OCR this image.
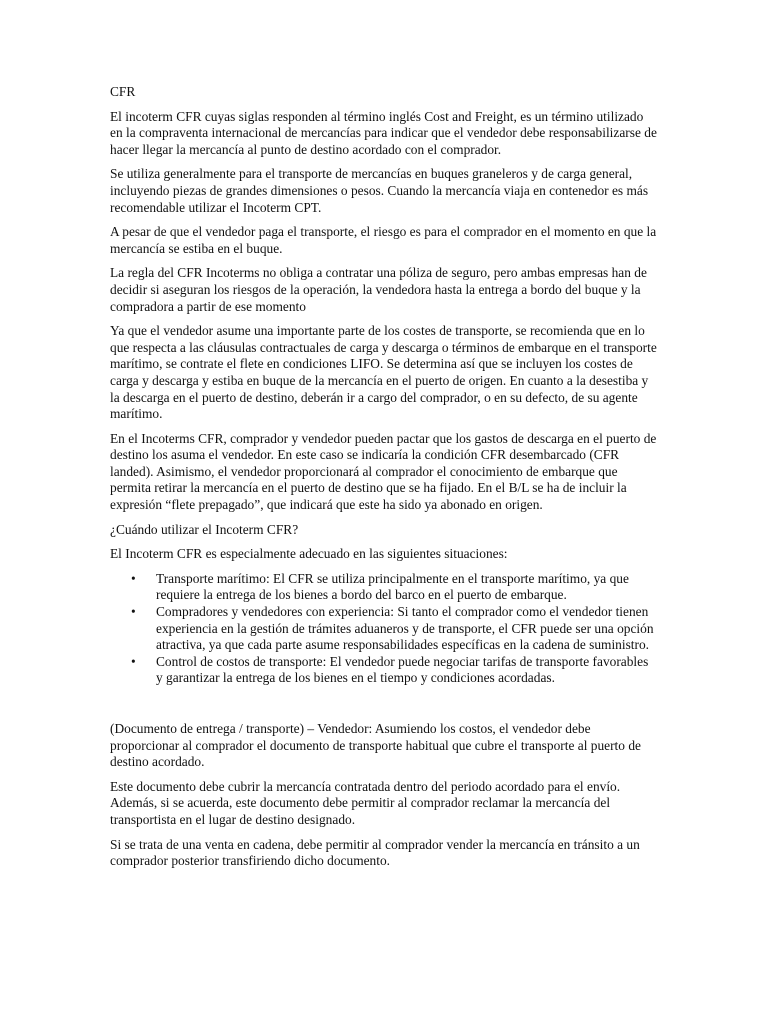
CFR

El incoterm CFR cuyas siglas responden al término inglés Cost and Freight, es un término utilizado en la compraventa internacional de mercancías para indicar que el vendedor debe responsabilizarse de hacer llegar la mercancía al punto de destino acordado con el comprador.

Se utiliza generalmente para el transporte de mercancías en buques graneleros y de carga general, incluyendo piezas de grandes dimensiones o pesos. Cuando la mercancía viaja en contenedor es más recomendable utilizar el Incoterm CPT.

A pesar de que el vendedor paga el transporte, el riesgo es para el comprador en el momento en que la mercancía se estiba en el buque.

La regla del CFR Incoterms no obliga a contratar una póliza de seguro, pero ambas empresas han de decidir si aseguran los riesgos de la operación, la vendedora hasta la entrega a bordo del buque y la compradora a partir de ese momento

Ya que el vendedor asume una importante parte de los costes de transporte, se recomienda que en lo que respecta a las cláusulas contractuales de carga y descarga o términos de embarque en el transporte marítimo, se contrate el flete en condiciones LIFO. Se determina así que se incluyen los costes de carga y descarga y estiba en buque de la mercancía en el puerto de origen. En cuanto a la desestiba y la descarga en el puerto de destino, deberán ir a cargo del comprador, o en su defecto, de su agente marítimo.

En el Incoterms CFR, comprador y vendedor pueden pactar que los gastos de descarga en el puerto de destino los asuma el vendedor. En este caso se indicaría la condición CFR desembarcado (CFR landed). Asimismo, el vendedor proporcionará al comprador el conocimiento de embarque que permita retirar la mercancía en el puerto de destino que se ha fijado. En el B/L se ha de incluir la expresión “flete prepagado”, que indicará que este ha sido ya abonado en origen.

¿Cuándo utilizar el Incoterm CFR?

El Incoterm CFR es especialmente adecuado en las siguientes situaciones:

• Transporte marítimo: El CFR se utiliza principalmente en el transporte marítimo, ya que requiere la entrega de los bienes a bordo del barco en el puerto de embarque.
• Compradores y vendedores con experiencia: Si tanto el comprador como el vendedor tienen experiencia en la gestión de trámites aduaneros y de transporte, el CFR puede ser una opción atractiva, ya que cada parte asume responsabilidades específicas en la cadena de suministro.
• Control de costos de transporte: El vendedor puede negociar tarifas de transporte favorables y garantizar la entrega de los bienes en el tiempo y condiciones acordadas.

(Documento de entrega / transporte) – Vendedor: Asumiendo los costos, el vendedor debe proporcionar al comprador el documento de transporte habitual que cubre el transporte al puerto de destino acordado.

Este documento debe cubrir la mercancía contratada dentro del periodo acordado para el envío. Además, si se acuerda, este documento debe permitir al comprador reclamar la mercancía del transportista en el lugar de destino designado.

Si se trata de una venta en cadena, debe permitir al comprador vender la mercancía en tránsito a un comprador posterior transfiriendo dicho documento.
